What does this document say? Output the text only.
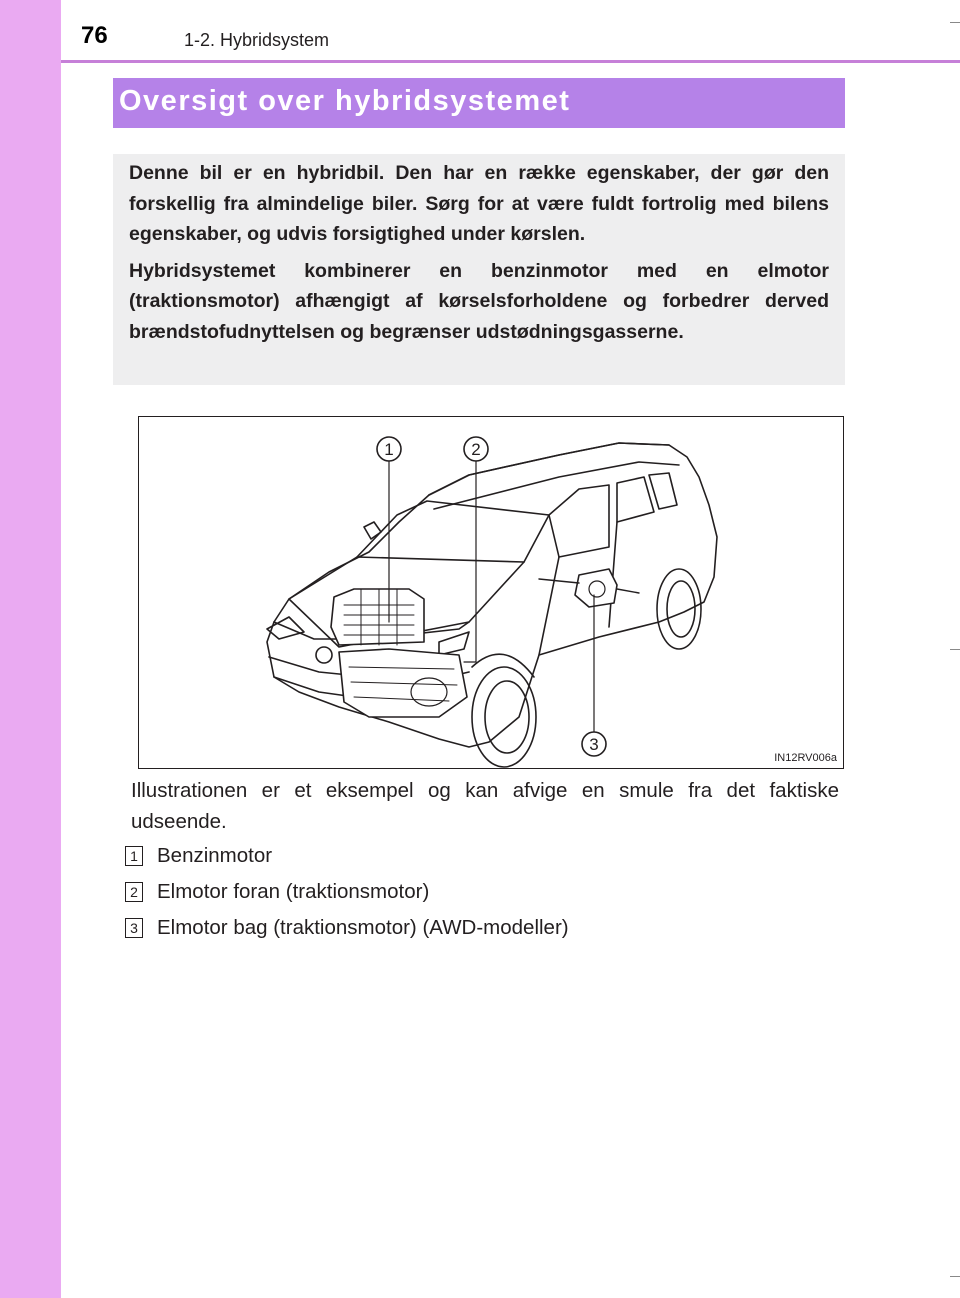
76	1-2. Hybridsystem
Oversigt over hybridsystemet

Denne bil er en hybridbil. Den har en række egenskaber, der gør den forskellig fra almindelige biler. Sørg for at være fuldt fortrolig med bilens egenskaber, og udvis forsigtighed under kørslen.

Hybridsystemet kombinerer en benzinmotor med en elmotor (traktionsmotor) afhængigt af kørselsforholdene og forbedrer derved brændstofudnyttelsen og begrænser udstødningsgasserne.

1	2
3
IN12RV006a
Illustrationen er et eksempel og kan afvige en smule fra det faktiske udseende.
1 Benzinmotor
2 Elmotor foran (traktionsmotor)
3 Elmotor bag (traktionsmotor) (AWD-modeller)
